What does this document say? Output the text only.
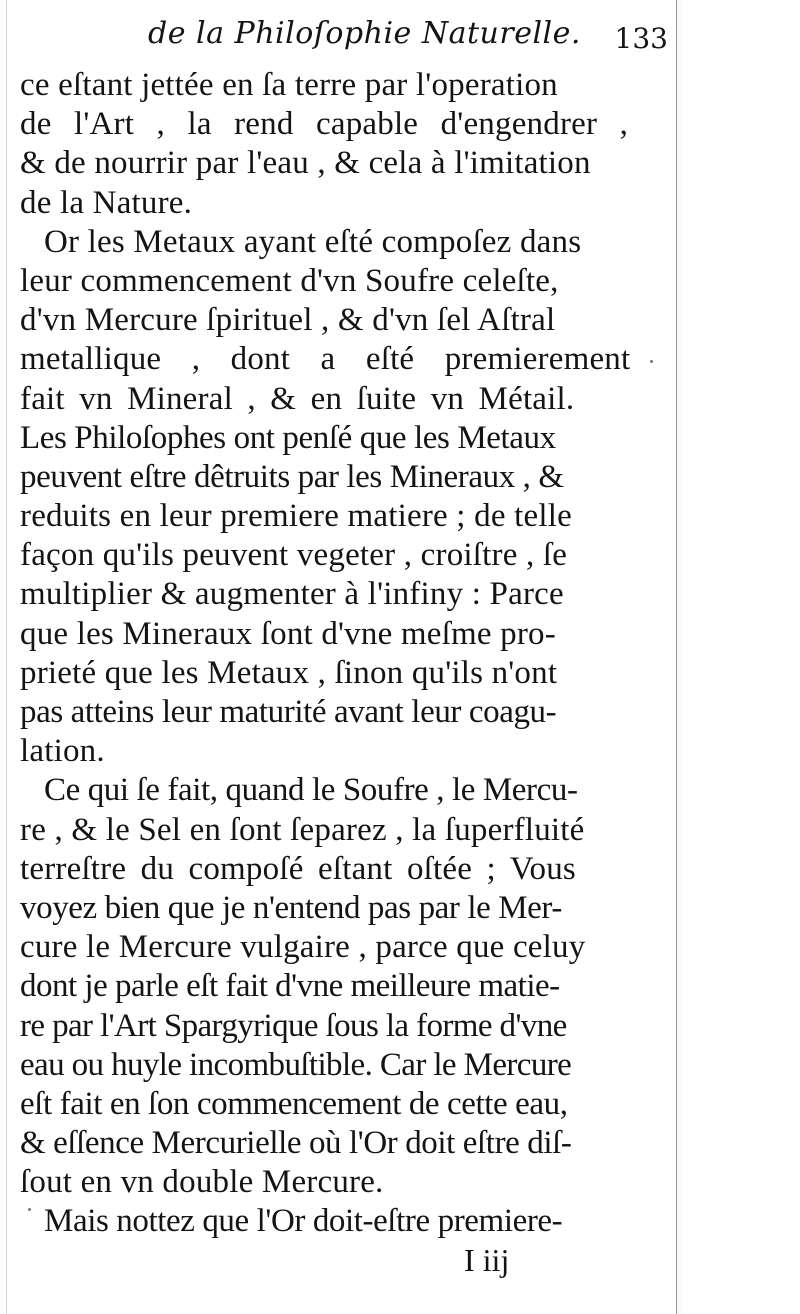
de la Philoſophie Naturelle. 133
ce eſtant jettée en ſa terre par l'operation
de l'Art , la rend capable d'engendrer ,
& de nourrir par l'eau , & cela à l'imitation
de la Nature.
Or les Metaux ayant eſté compoſez dans
leur commencement d'vn Soufre celeſte,
d'vn Mercure ſpirituel , & d'vn ſel Aſtral
metallique , dont a eſté premierement
fait vn Mineral , & en ſuite vn Métail.
Les Philoſophes ont penſé que les Metaux
peuvent eſtre dêtruits par les Mineraux , &
reduits en leur premiere matiere ; de telle
façon qu'ils peuvent vegeter , croiſtre , ſe
multiplier & augmenter à l'infiny : Parce
que les Mineraux ſont d'vne meſme pro-
prieté que les Metaux , ſinon qu'ils n'ont
pas atteins leur maturité avant leur coagu-
lation.
Ce qui ſe fait, quand le Soufre , le Mercu-
re , & le Sel en ſont ſeparez , la ſuperfluité
terreſtre du compoſé eſtant oſtée ; Vous
voyez bien que je n'entend pas par le Mer-
cure le Mercure vulgaire , parce que celuy
dont je parle eſt fait d'vne meilleure matie-
re par l'Art Spargyrique ſous la forme d'vne
eau ou huyle incombuſtible. Car le Mercure
eſt fait en ſon commencement de cette eau,
& eſſence Mercurielle où l'Or doit eſtre diſ-
ſout en vn double Mercure.
Mais nottez que l'Or doit-eſtre premiere-
I iij
